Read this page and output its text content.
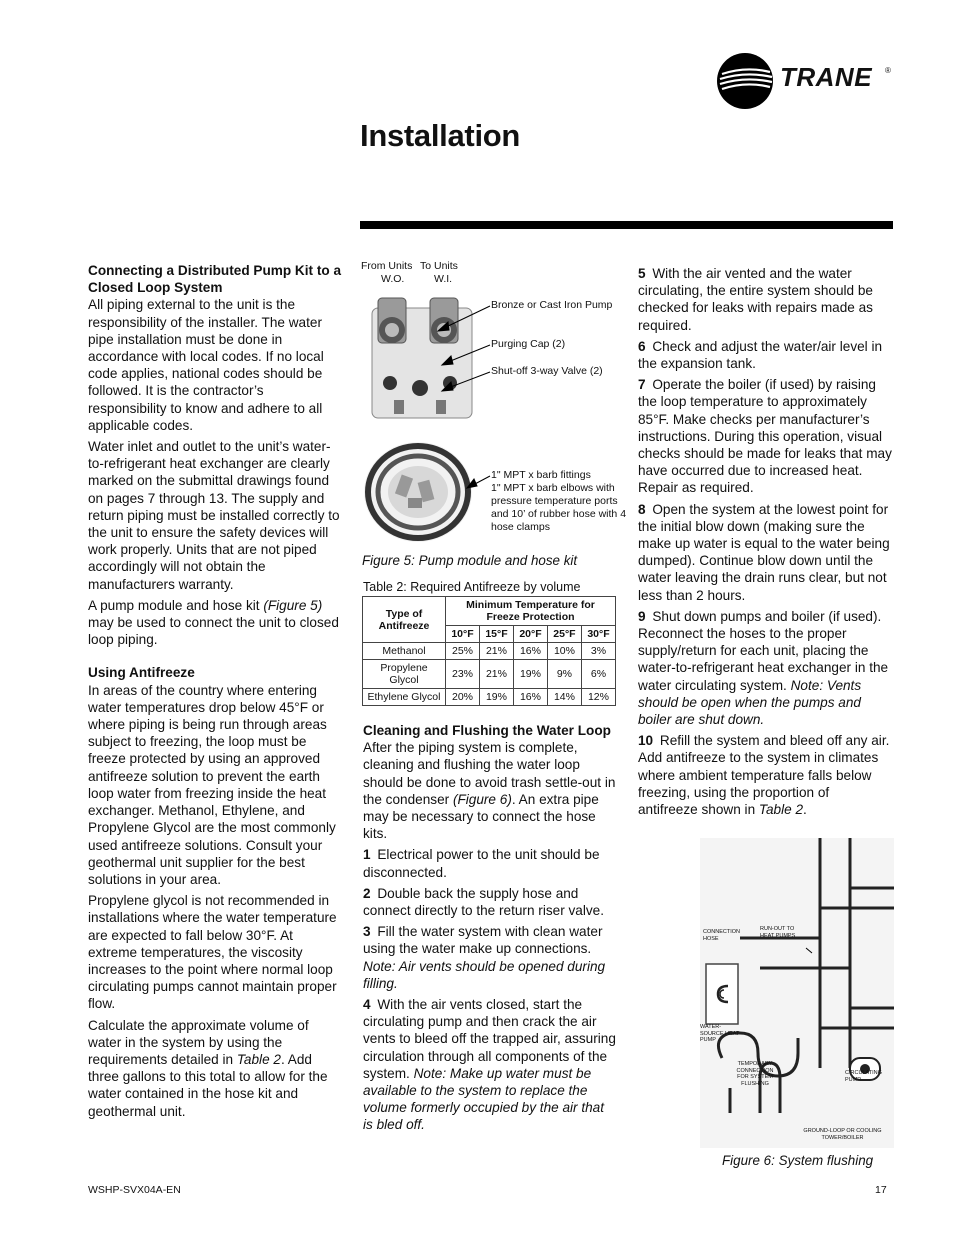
TRANE ®
Installation
Connecting a Distributed Pump Kit to a Closed Loop System

All piping external to the unit is the responsibility of the installer. The water pipe installation must be done in accordance with local codes. If no local code applies, national codes should be followed. It is the contractor’s responsibility to know and adhere to all applicable codes.

Water inlet and outlet to the unit’s water-to-refrigerant heat exchanger are clearly marked on the submittal drawings found on pages 7 through 13. The supply and return piping must be installed correctly to the unit to ensure the safety devices will work properly. Units that are not piped accordingly will not obtain the manufacturers warranty.

A pump module and hose kit (Figure 5) may be used to connect the unit to closed loop piping.

Using Antifreeze

In areas of the country where entering water temperatures drop below 45°F or where piping is being run through areas subject to freezing, the loop must be freeze protected by using an approved antifreeze solution to prevent the earth loop water from freezing inside the heat exchanger. Methanol, Ethylene, and Propylene Glycol are the most commonly used antifreeze solutions. Consult your geothermal unit supplier for the best solutions in your area.

Propylene glycol is not recommended in installations where the water temperature are expected to fall below 30°F. At extreme temperatures, the viscosity increases to the point where normal loop circulating pumps cannot maintain proper flow.

Calculate the approximate volume of water in the system by using the requirements detailed in Table 2. Add three gallons to this total to allow for the water contained in the hose kit and geothermal unit.

From Units To Units
W.O.	W.I.
Bronze or Cast Iron Pump
Purging Cap (2)
Shut-off 3-way Valve (2)
1" MPT x barb fittings
1" MPT x barb elbows with pressure temperature ports and 10’ of rubber hose with 4 hose clamps
Figure 5: Pump module and hose kit
Table 2: Required Antifreeze by volume
Type of Antifreeze	Minimum Temperature for Freeze Protection				
	10°F	15°F	20°F	25°F	30°F
Methanol	25%	21%	16%	10%	3%
Propylene Glycol	23%	21%	19%	9%	6%
Ethylene Glycol	20%	19%	16%	14%	12%
Cleaning and Flushing the Water Loop

After the piping system is complete, cleaning and flushing the water loop should be done to avoid trash settle-out in the condenser (Figure 6). An extra pipe may be necessary to connect the hose kits.

1 Electrical power to the unit should be disconnected.

2 Double back the supply hose and connect directly to the return riser valve.

3 Fill the water system with clean water using the water make up connections. Note: Air vents should be opened during filling.

4 With the air vents closed, start the circulating pump and then crack the air vents to bleed off the trapped air, assuring circulation through all components of the system. Note: Make up water must be available to the system to replace the volume formerly occupied by the air that is bled off.

5 With the air vented and the water circulating, the entire system should be checked for leaks with repairs made as required.

6 Check and adjust the water/air level in the expansion tank.

7 Operate the boiler (if used) by raising the loop temperature to approximately 85°F. Make checks per manufacturer’s instructions. During this operation, visual checks should be made for leaks that may have occurred due to increased heat. Repair as required.

8 Open the system at the lowest point for the initial blow down (making sure the make up water is equal to the water being dumped). Continue blow down until the water leaving the drain runs clear, but not less than 2 hours.

9 Shut down pumps and boiler (if used). Reconnect the hoses to the proper supply/return for each unit, placing the water-to-refrigerant heat exchanger in the water circulating system. Note: Vents should be open when the pumps and boiler are shut down.

10 Refill the system and bleed off any air. Add antifreeze to the system in climates where ambient temperature falls below freezing, using the proportion of antifreeze shown in Table 2.

CONNECTION HOSE
RUN-OUT TO HEAT PUMPS
WATER-SOURCE HEAT PUMP
TEMPORARY CONNECTION FOR SYSTEM FLUSHING
CIRCULATING PUMP
GROUND-LOOP OR COOLING TOWER/BOILER
Figure 6: System flushing
WSHP-SVX04A-EN	17
